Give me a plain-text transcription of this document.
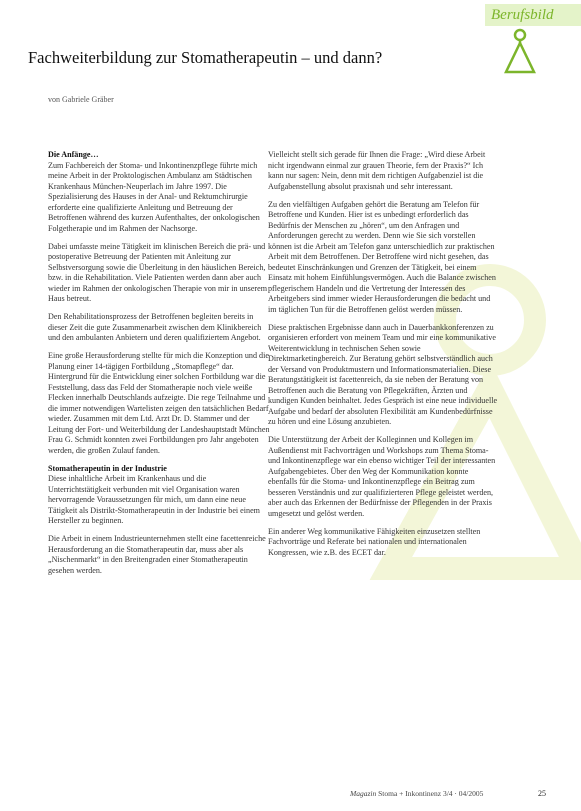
Berufsbild
Fachweiterbildung zur Stomatherapeutin – und dann?
von Gabriele Gräber
Die Anfänge…

Zum Fachbereich der Stoma- und Inkontinenzpflege führte mich meine Arbeit in der Proktologischen Ambulanz am Städtischen Krankenhaus München-Neuperlach im Jahre 1997. Die Spezialisierung des Hauses in der Anal- und Rektumchirurgie erforderte eine qualifizierte Anleitung und Betreuung der Betroffenen während des kurzen Aufenthaltes, der onkologischen Folgetherapie und im Rahmen der Nachsorge.

Dabei umfasste meine Tätigkeit im klinischen Bereich die prä- und postoperative Betreuung der Patienten mit Anleitung zur Selbstversorgung sowie die Überleitung in den häuslichen Bereich, bzw. in die Rehabilitation. Viele Patienten werden dann aber auch wieder im Rahmen der onkologischen Therapie von mir in unserem Haus betreut.

Den Rehabilitationsprozess der Betroffenen begleiten bereits in dieser Zeit die gute Zusammenarbeit zwischen dem Klinikbereich und den ambulanten Anbietern und deren qualifiziertem Angebot.

Eine große Herausforderung stellte für mich die Konzeption und die Planung einer 14-tägigen Fortbildung „Stomapflege“ dar. Hintergrund für die Entwicklung einer solchen Fortbildung war die Feststellung, dass das Feld der Stomatherapie noch viele weiße Flecken innerhalb Deutschlands aufzeigte. Die rege Teilnahme und die immer notwendigen Wartelisten zeigen den tatsächlichen Bedarf wieder. Zusammen mit dem Ltd. Arzt Dr. D. Stammer und der Leitung der Fort- und Weiterbildung der Landeshauptstadt München Frau G. Schmidt konnten zwei Fortbildungen pro Jahr angeboten werden, die großen Zulauf fanden.

Stomatherapeutin in der Industrie

Diese inhaltliche Arbeit im Krankenhaus und die Unterrichtstätigkeit verbunden mit viel Organisation waren hervorragende Voraussetzungen für mich, um dann eine neue Tätigkeit als Distrikt-Stomatherapeutin in der Industrie bei einem Hersteller zu beginnen.

Die Arbeit in einem Industrieunternehmen stellt eine facettenreiche Herausforderung an die Stomatherapeutin dar, muss aber als „Nischenmarkt“ in den Breitengraden einer Stomatherapeutin gesehen werden.

Vielleicht stellt sich gerade für Ihnen die Frage: „Wird diese Arbeit nicht irgendwann einmal zur grauen Theorie, fern der Praxis?“ Ich kann nur sagen: Nein, denn mit dem richtigen Aufgabenziel ist die Aufgabenstellung absolut praxisnah und sehr interessant.

Zu den vielfältigen Aufgaben gehört die Beratung am Telefon für Betroffene und Kunden. Hier ist es unbedingt erforderlich das Bedürfnis der Menschen zu „hören“, um den Anfragen und Anforderungen gerecht zu werden. Denn wie Sie sich vorstellen können ist die Arbeit am Telefon ganz unterschiedlich zur praktischen Arbeit mit dem Betroffenen. Der Betroffene wird nicht gesehen, das bedeutet Einschränkungen und Grenzen der Tätigkeit, bei einem Einsatz mit hohem Einfühlungsvermögen. Auch die Balance zwischen pflegerischem Handeln und die Vertretung der Interessen des Arbeitgebers sind immer wieder Herausforderungen die bedacht und im täglichen Tun für die Betroffenen gelöst werden müssen.

Diese praktischen Ergebnisse dann auch in Dauerbankkonferenzen zu organisieren erfordert von meinem Team und mir eine kommunikative Weiterentwicklung in technischen Sehen sowie Direktmarketingbereich. Zur Beratung gehört selbstverständlich auch der Versand von Produktmustern und Informationsmaterialien. Diese Beratungstätigkeit ist facettenreich, da sie neben der Beratung von Betroffenen auch die Beratung von Pflegekräften, Ärzten und kundigen Kunden beinhaltet. Jedes Gespräch ist eine neue individuelle Aufgabe und bedarf der absoluten Flexibilität am Kundenbedürfnisse zu hören und eine Lösung anzubieten.

Die Unterstützung der Arbeit der Kolleginnen und Kollegen im Außendienst mit Fachvorträgen und Workshops zum Thema Stoma- und Inkontinenzpflege war ein ebenso wichtiger Teil der interessanten Aufgabengebietes. Über den Weg der Kommunikation konnte ebenfalls für die Stoma- und Inkontinenzpflege ein Beitrag zum besseren Verständnis und zur qualifizierteren Pflege geleistet werden, aber auch das Erkennen der Bedürfnisse der Pflegenden in der Praxis umgesetzt und gelöst werden.

Ein anderer Weg kommunikative Fähigkeiten einzusetzen stellten Fachvorträge und Referate bei nationalen und internationalen Kongressen, wie z.B. des ECET dar.

Magazin Stoma + Inkontinenz 3/4 · 04/2005	25
